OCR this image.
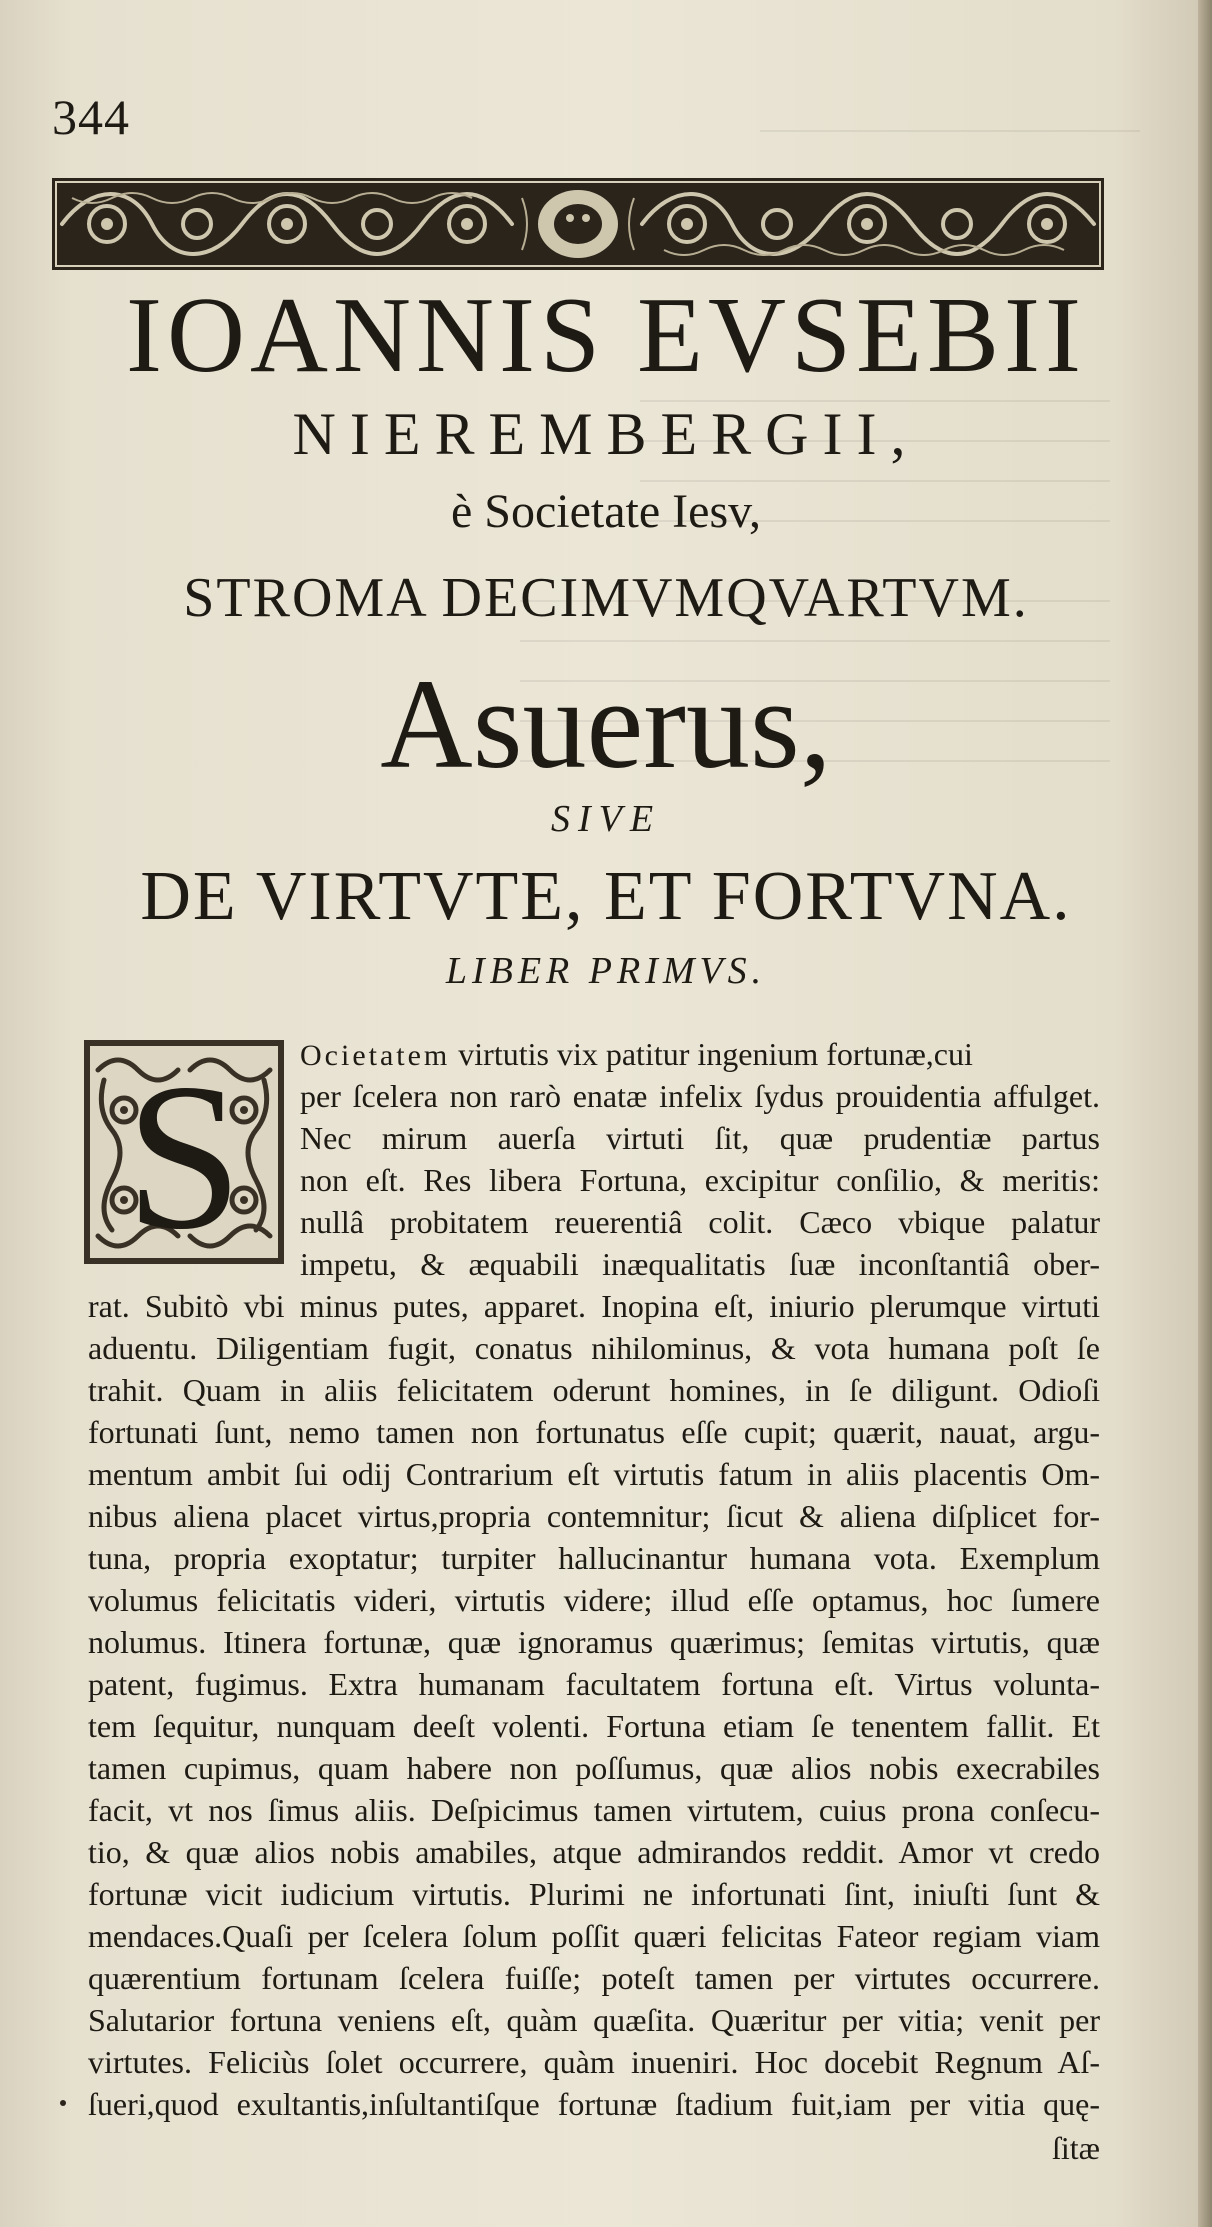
344
IOANNIS EVSEBII
NIEREMBERGII,
è Societate Iesv,
STROMA DECIMVMQVARTVM.
Asuerus,
SIVE
DE VIRTVTE, ET FORTVNA.
LIBER PRIMVS.
S	Ocietatem virtutis vix patitur ingenium fortunæ,cui
per ſcelera non rarò enatæ infelix ſydus prouidentia affulget.
Nec mirum auerſa virtuti ſit, quæ prudentiæ partus
non eſt. Res libera Fortuna, excipitur conſilio, & meritis:
nullâ probitatem reuerentiâ colit. Cæco vbique palatur
impetu, & æquabili inæqualitatis ſuæ inconſtantiâ ober-
rat. Subitò vbi minus putes, apparet. Inopina eſt, iniurio plerumque virtuti
aduentu. Diligentiam fugit, conatus nihilominus, & vota humana poſt ſe
trahit. Quam in aliis felicitatem oderunt homines, in ſe diligunt. Odioſi
fortunati ſunt, nemo tamen non fortunatus eſſe cupit; quærit, nauat, argu-
mentum ambit ſui odij Contrarium eſt virtutis fatum in aliis placentis Om-
nibus aliena placet virtus,propria contemnitur; ſicut & aliena diſplicet for-
tuna, propria exoptatur; turpiter hallucinantur humana vota. Exemplum
volumus felicitatis videri, virtutis videre; illud eſſe optamus, hoc ſumere
nolumus. Itinera fortunæ, quæ ignoramus quærimus; ſemitas virtutis, quæ
patent, fugimus. Extra humanam facultatem fortuna eſt. Virtus volunta-
tem ſequitur, nunquam deeſt volenti. Fortuna etiam ſe tenentem fallit. Et
tamen cupimus, quam habere non poſſumus, quæ alios nobis execrabiles
facit, vt nos ſimus aliis. Deſpicimus tamen virtutem, cuius prona conſecu-
tio, & quæ alios nobis amabiles, atque admirandos reddit. Amor vt credo
fortunæ vicit iudicium virtutis. Plurimi ne infortunati ſint, iniuſti ſunt &
mendaces.Quaſi per ſcelera ſolum poſſit quæri felicitas Fateor regiam viam
quærentium fortunam ſcelera fuiſſe; poteſt tamen per virtutes occurrere.
Salutarior fortuna veniens eſt, quàm quæſita. Quæritur per vitia; venit per
virtutes. Feliciùs ſolet occurrere, quàm inueniri. Hoc docebit Regnum Aſ-
ſueri,quod exultantis,inſultantiſque fortunæ ſtadium fuit,iam per vitia quę-
ſitæ
